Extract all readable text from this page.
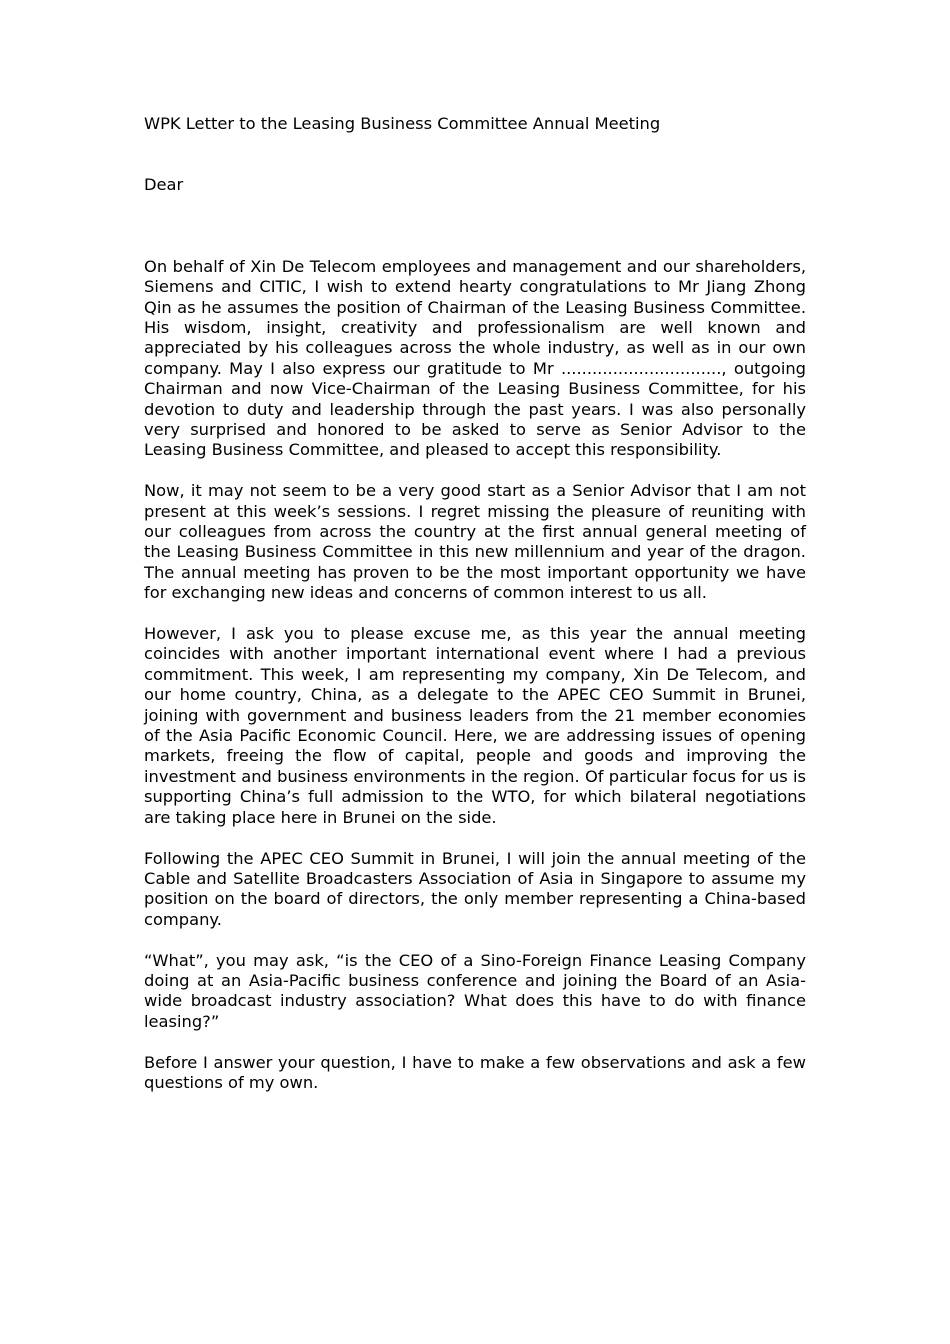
WPK Letter to the Leasing Business Committee Annual Meeting

Dear

On behalf of Xin De Telecom employees and management and our shareholders, Siemens and CITIC, I wish to extend hearty congratulations to Mr Jiang Zhong Qin as he assumes the position of Chairman of the Leasing Business Committee. His wisdom, insight, creativity and professionalism are well known and appreciated by his colleagues across the whole industry, as well as in our own company. May I also express our gratitude to Mr ..............................., outgoing Chairman and now Vice-Chairman of the Leasing Business Committee, for his devotion to duty and leadership through the past years. I was also personally very surprised and honored to be asked to serve as Senior Advisor to the Leasing Business Committee, and pleased to accept this responsibility.

Now, it may not seem to be a very good start as a Senior Advisor that I am not present at this week’s sessions. I regret missing the pleasure of reuniting with our colleagues from across the country at the first annual general meeting of the Leasing Business Committee in this new millennium and year of the dragon. The annual meeting has proven to be the most important opportunity we have for exchanging new ideas and concerns of common interest to us all.

However, I ask you to please excuse me, as this year the annual meeting coincides with another important international event where I had a previous commitment. This week, I am representing my company, Xin De Telecom, and our home country, China, as a delegate to the APEC CEO Summit in Brunei, joining with government and business leaders from the 21 member economies of the Asia Pacific Economic Council. Here, we are addressing issues of opening markets, freeing the flow of capital, people and goods and improving the investment and business environments in the region. Of particular focus for us is supporting China’s full admission to the WTO, for which bilateral negotiations are taking place here in Brunei on the side.

Following the APEC CEO Summit in Brunei, I will join the annual meeting of the Cable and Satellite Broadcasters Association of Asia in Singapore to assume my position on the board of directors, the only member representing a China-based company.

“What”, you may ask, “is the CEO of a Sino-Foreign Finance Leasing Company doing at an Asia-Pacific business conference and joining the Board of an Asia-wide broadcast industry association? What does this have to do with finance leasing?”

Before I answer your question, I have to make a few observations and ask a few questions of my own.
